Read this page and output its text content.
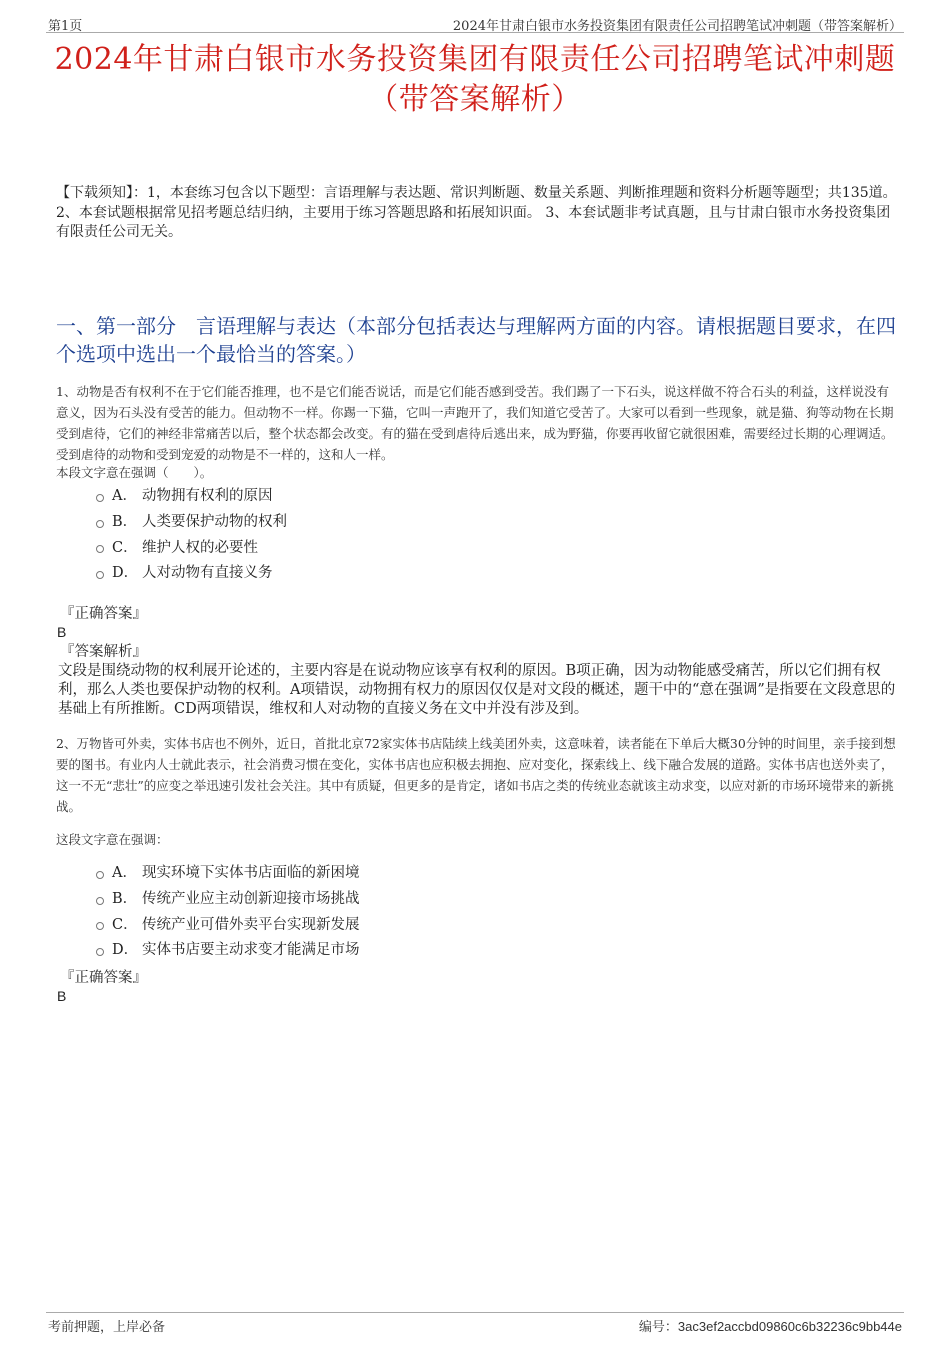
第1页	2024年甘肃白银市水务投资集团有限责任公司招聘笔试冲刺题（带答案解析）
2024年甘肃白银市水务投资集团有限责任公司招聘笔试冲刺题
（带答案解析）
【下载须知】：1，本套练习包含以下题型：言语理解与表达题、常识判断题、数量关系题、判断推理题和资料分析题等题型；共135道。 2、本套试题根据常见招考题总结归纳，主要用于练习答题思路和拓展知识面。 3、本套试题非考试真题，且与甘肃白银市水务投资集团有限责任公司无关。
一、第一部分　言语理解与表达（本部分包括表达与理解两方面的内容。请根据题目要求，在四个选项中选出一个最恰当的答案。）
1、动物是否有权利不在于它们能否推理，也不是它们能否说话，而是它们能否感到受苦。我们踢了一下石头，说这样做不符合石头的利益，这样说没有意义，因为石头没有受苦的能力。但动物不一样。你踢一下猫，它叫一声跑开了，我们知道它受苦了。大家可以看到一些现象，就是猫、狗等动物在长期受到虐待，它们的神经非常痛苦以后，整个状态都会改变。有的猫在受到虐待后逃出来，成为野猫，你要再收留它就很困难，需要经过长期的心理调适。受到虐待的动物和受到宠爱的动物是不一样的，这和人一样。
本段文字意在强调（　　）。
A． 动物拥有权利的原因
B． 人类要保护动物的权利
C． 维护人权的必要性
D． 人对动物有直接义务
『正确答案』
B
『答案解析』
文段是围绕动物的权利展开论述的，主要内容是在说动物应该享有权利的原因。B项正确，因为动物能感受痛苦，所以它们拥有权利，那么人类也要保护动物的权利。A项错误，动物拥有权力的原因仅仅是对文段的概述，题干中的“意在强调”是指要在文段意思的基础上有所推断。CD两项错误，维权和人对动物的直接义务在文中并没有涉及到。
2、万物皆可外卖，实体书店也不例外，近日，首批北京72家实体书店陆续上线美团外卖，这意味着，读者能在下单后大概30分钟的时间里，亲手接到想要的图书。有业内人士就此表示，社会消费习惯在变化，实体书店也应积极去拥抱、应对变化，探索线上、线下融合发展的道路。实体书店也送外卖了，这一不无“悲壮”的应变之举迅速引发社会关注。其中有质疑，但更多的是肯定，诸如书店之类的传统业态就该主动求变，以应对新的市场环境带来的新挑战。
这段文字意在强调：
A． 现实环境下实体书店面临的新困境
B． 传统产业应主动创新迎接市场挑战
C． 传统产业可借外卖平台实现新发展
D． 实体书店要主动求变才能满足市场
『正确答案』
B
考前押题，上岸必备	编号：3ac3ef2accbd09860c6b32236c9bb44e
